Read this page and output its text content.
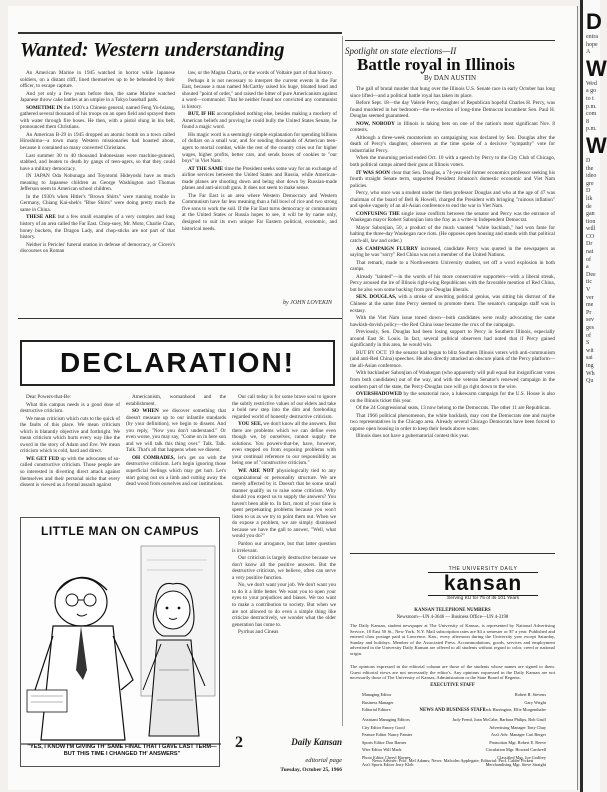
D
entra
hope
A
W
Wed
a go
to t
p.m.
com
8
p.m.
W
D
the
ideo
gre
D
lik
de
gan
tion
will
CO
Dr
nat
of
a
Dee
tic
V
ver
me
Pr
sev
ges
of
S
wit
sai
ing
Wh
Qu
Wanted: Western understanding

An American Marine in 1945 watched in horror while Japanese soldiers, on a distant cliff, lined themselves up to be beheaded by their officer, to escape capture.

And yet only a few years before then, the same Marine watched Japanese throw cake battles at an umpire in a Tokyo baseball park.

SOMETIME IN the 1920's a Chinese general, named Feng Yu-hsiang, gathered several thousand of his troops on an open field and sprayed them with water through fire hoses. He then, with a pistol slung in his belt, pronounced them Christians.

An American B-29 in 1945 dropped an atomic bomb on a town called Hiroshima—a town many Western missionaries had boasted about, because it contained so many converted Christians.

Last summer 30 to 40 thousand Indonesians were machine-gunned, stabbed, and beaten to death by gangs of teen-agers, so that they could have a military democracy.

IN JAPAN Oda Nobunaga and Toyotomi Hideyoshi have as much meaning to Japanese children as George Washington and Thomas Jefferson seem to American school children.

In the 1930's when Hitler's "Brown Shirts" were running trouble in Germany, Chiang Kai-shek's "Blue Shirts" were doing pretty much the same in China.

THESE ARE but a few small examples of a very complex and long history of an area called the Far East. Chop-suey, Mr. Moto, Charlie Chan, honey buckets, the Dragon Lady, and chop-sticks are not part of that history.

Neither is Pericles' funeral oration in defense of democracy, or Cicero's discourses on Roman

law, or the Magna Charta, or the words of Voltaire part of that history.

Perhaps it is not necessary to interpret the current events in the Far East, because a man named McCarthy raised his huge, bloated head and shouted "point of order," and raised the bitter of pure Americanism against a word—communist. That he neither found nor convicted any communist is history.

BUT, IF HE accomplished nothing else, besides making a mockery of American beliefs and proving he could bully the United States Senate, he found a magic word.

His magic word is a seemingly simple explanation for spending billions of dollars on a small war, and for sending thousands of American teen-agers to mortal combat, while the rest of the country cries out for higher wages, higher profits, better cars, and sends boxes of cookies to "our boys" in Viet Nam.

AT THE SAME time the President seeks some way for an exchange of airline services between the United States and Russia, while American-made planes are shooting down and being shot down by Russian-made planes and anti-aircraft guns. It does not seem to make sense.

The Far East is an area where Western Democracy and Western Communism have far less meaning than a full bowl of rice and two strong five sons to work the soil. If the Far East turns democracy or communism at the United States or Russia hopes to see, it will be by name only, designed to suit its own unique Far Eastern political, economic, and historical needs.

by JOHN LOVEKIN
Spotlight on state elections—II
Battle royal in Illinois
By DAN AUSTIN

The gall of brutal murder that hung over the Illinois U.S. Senate race in early October has long since lifted—and a political battle royal has taken its place.

Before Sept. 18—the day Valerie Percy, daughter of Republican hopeful Charles H. Percy, was found murdered in her bedroom—the re-election of long-time Democrat incumbent Sen. Paul H. Douglas seemed guaranteed.

NOW, NOBODY in Illinois is taking bets on one of the nation's most significant Nov. 8 contests.

Although a three-week moratorium on campaigning was declared by Sen. Douglas after the death of Percy's daughter, observers at the time spoke of a decisive "sympathy" vote for industrialist Percy.

When the mourning period ended Oct. 10 with a speech by Percy to the City Club of Chicago, both political camps aimed their guns at Illinois voters.

IT WAS SOON clear that Sen. Douglas, a 74-year-old former economics professor seeking his fourth straight Senate term, supported President Johnson's domestic economic and Viet Nam policies.

Percy, who once was a student under the then professor Douglas and who at the age of 47 was chairman of the board of Bell & Howell, charged the President with bringing "ruinous inflation" and spoke vaguely of an all-Asian conference to end the war in Viet Nam.

CONFUSING THE single issue conflicts between the senator and Percy was the entrance of Waukegan mayor Robert Sabonjian into the fray as a write-in Independent Democrat.

Mayor Sabonjian, 50, a product of the much vaunted "white backlash," had won fame for halting the three-day Waukegan race riots. (He opposes open housing and stands with that political catch-all, law and order.)

AS CAMPAIGN FLURRY increased, candidate Percy was quoted in the newspapers as saying he was "sorry" Red China was not a member of the United Nations.

That remark, made to a Northwestern University student, set off a word explosion in both camps.

Already "tainted"—in the words of his more conservative supporters—with a liberal streak, Percy aroused the ire of Illinois right-wing Republicans with the favorable mention of Red China, but he also won some backing from pro-Douglas liberals.

SEN. DOUGLAS, with a stroke of unwitting political genius, was sitting his distrust of the Chinese at the same time Percy seemed to promote them. The senator's campaign staff was in ecstasy.

With the Viet Nam issue toned down—both candidates were really advocating the same hawkish-dovish policy—the Red China issue became the crux of the campaign.

Previously, Sen. Douglas had been losing support to Percy in Southern Illinois, especially around East St. Louis. In fact, several political observers had noted that if Percy gained significantly in this area, he would win.

BUT BY OCT. 19 the senator had begun to blitz Southern Illinois voters with anti-communism (and anti-Red China) speeches. He also directly attacked an obscure plank of the Percy platform—the all-Asian conference.

With backlasher Sabonjian of Waukegan (who apparently will pull equal but insignificant votes from both candidates) out of the way, and with the veteran Senator's renewed campaign in the southern part of the state, the Percy-Douglas race will go right down to the wire.

OVERSHADOWED by the senatorial race, a lukewarm campaign for the U.S. House is also on the Illinois ticket this year.

Of the 24 Congressional seats, 13 now belong to the Democrats. The other 11 are Republican.

That 1966 political phenomenon, the white backlash, may cost the Democrats one and maybe two representatives in the Chicago area. Already several Chicago Democrats have been forced to oppose open housing in order to keep their heads above water.

Illinois does not have a gubernatorial contest this year.

DECLARATION!

Dear Powers-that-Be:

What this campus needs is a good dose of destructive criticism.

We mean criticism which cuts to the quick of the faults of this place. We mean criticism which is blatantly objective and forthright. We mean criticism which hurts every way like the sword in the story of Adam and Eve. We mean criticism which is cold, hard and direct.

WE GET FED up with the advocates of so-called constructive criticism. Those people are so interested in diverting direct attack against themselves and their personal niche that every dissent is viewed as a frontal assault against

Americanism, womanhood and the establishment.

SO WHEN we discover something that doesn't measure up to our infantile standards (by your definition), we begin to dissent. And you reply, "Now you don't understand." Or even worse, you may say, "Come on in here son and we will talk this thing over." Talk. Talk. Talk. That's all that happens when we dissent.

OH COMRADES, let's get on with the destructive criticism. Let's begin ignoring those superficial feelings which may get hurt. Let's start going out on a limb and cutting away the dead wood from ourselves and our institutions.

Our call today is for some brave soul to ignore the subtly restrictive values of our elders and take a bold new step into the dim and foreboding regarded world of honestly destructive criticism.

YOU SEE, we don't know all the answers. But there are problems which we can define even though we, by ourselves, cannot supply the solutions. You powers-that-be, have, however, even stepped on from exposing problems with your continual reference to our responsibility as being one of "constructive criticism."

WE ARE NOT physiologically tied to any organizational or personality structure. We are merely affected by it. Doesn't that be some small manner qualify us to raise some criticism. Why should you expect us to supply the answers? You haven't been able to. In fact, most of your time is spent perpetuating problems because you won't listen to us as we try to point them out. When we do expose a problem, we are simply dismissed because we have the gall to answer, "Well, what would you do?"

Pardon our arrogance, but that latter question is irrelevant.

Our criticism is largely destructive because we don't know all the positive answers. But the destructive criticism, we believe, often can serve a very positive function.

No, we don't want your job. We don't want you to do it a little better. We want you to open your eyes to your prejudices and biases. We too want to make a contribution to society. But when we are not allowed to do even a simple thing like criticize destructively, we wonder what the older generation has come to.

Pyrrhus and Cineas

LITTLE MAN ON CAMPUS
"YES, I KNOW I'M GIVING TH' SAME FINAL THAT I GAVE LAST TERM—BUT THIS TIME I CHANGED TH' ANSWERS"
2	Daily Kansan
editorial page
Tuesday, October 25, 1966
THE UNIVERSITY DAILY
kansan
Serving KU for 75 of its 101 Years
KANSAN TELEPHONE NUMBERS
Newsroom—UN 4-3646 — Business Office—UN 4-3198
The Daily Kansan, student newspaper at The University of Kansas, is represented by National Advertising Service, 18 East 50 St., New York, N.Y. Mail subscription rates are $4 a semester or $7 a year. Published and entered class postage paid at Lawrence, Kan., every afternoon during the University year except Saturday, Sunday and holidays. Member of the Associated Press. Accommodations, goods, services and employment advertised in the University Daily Kansan are offered to all students without regard to color, creed or national origin.
The opinions expressed in the editorial column are those of the students whose names are signed to them. Guest editorial views are not necessarily the editor's. Any opinions expressed in the Daily Kansan are not necessarily those of The University of Kansas, Administration or the State Board of Regents.
EXECUTIVE STAFF
Managing Editor	Robert R. Stevens
Business Manager	Gary Wright
Editorial Editors	Jack Harrington, Ellie Morgenthaler
NEWS AND BUSINESS STAFF
Assistant Managing Editors	Judy Frend, Joan McCabe, Barbara Philips, Bob Gruff
City Editor Emory Good	Advertising Manager Tony Chuy
Feature Editor Nancy Painter	Ass't Adv. Manager Cari Berger
Sports Editor Don Barnes	Promotion Mgr. Robert E. Reeve
Wire Editor Will Mack	Circulation Mgr. Howard Cardwell
Photo Editor Cheryl Haynes	Classified Mgr. Joe Godfrey
Ass't Sports Editor Jerry Kleh	Merchandising Mgr. Steve Straight
News Adviser: Prof. Mel Adams; News: Malcolm Applegate; Editorial: Prof. Calder Pickett
